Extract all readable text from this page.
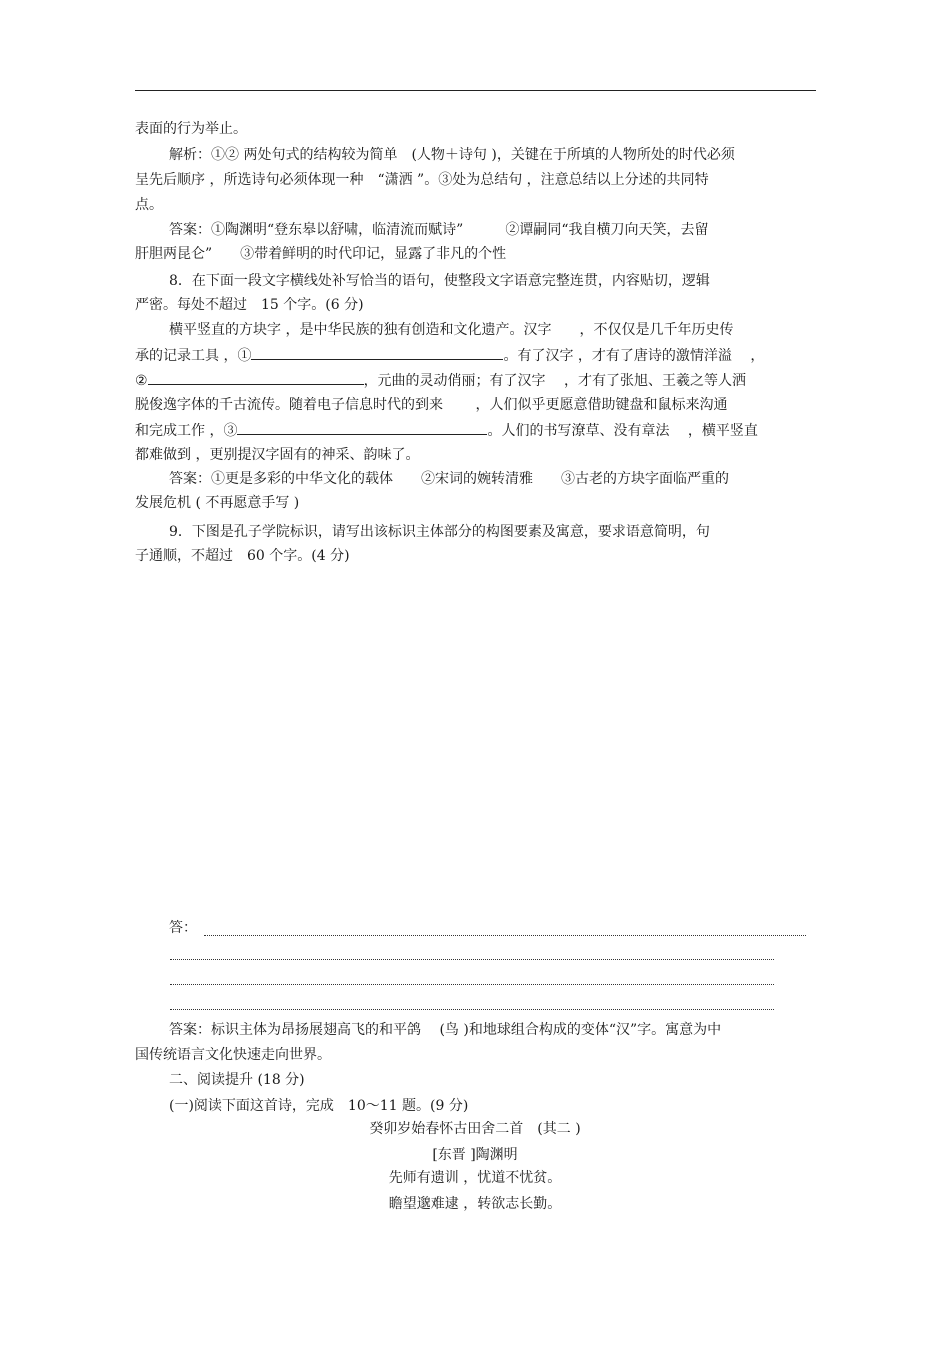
表面的行为举止。
解析：①② 两处句式的结构较为简单　(人物＋诗句 )，关键在于所填的人物所处的时代必须
呈先后顺序 ，所选诗句必须体现一种　“潇洒 ”。③处为总结句 ，注意总结以上分述的共同特
点。
答案：①陶渊明“登东皋以舒啸，临清流而赋诗”　　　②谭嗣同“我自横刀向天笑，去留
肝胆两昆仑”　　③带着鲜明的时代印记，显露了非凡的个性
8．在下面一段文字横线处补写恰当的语句，使整段文字语意完整连贯，内容贴切，逻辑
严密。每处不超过　15 个字。(6 分)
横平竖直的方块字 ，是中华民族的独有创造和文化遗产。汉字　　，不仅仅是几千年历史传
承的记录工具 ，①	。有了汉字 ，才有了唐诗的激情洋溢　 ，
②	，元曲的灵动俏丽；有了汉字　 ，才有了张旭、王羲之等人洒
脱俊逸字体的千古流传。随着电子信息时代的到来　　 ，人们似乎更愿意借助键盘和鼠标来沟通
和完成工作 ，③	。人们的书写潦草、没有章法　 ，横平竖直
都难做到 ，更别提汉字固有的神采、韵味了。
答案：①更是多彩的中华文化的载体　　②宋词的婉转清雅　　③古老的方块字面临严重的
发展危机 ( 不再愿意手写 )
9．下图是孔子学院标识，请写出该标识主体部分的构图要素及寓意，要求语意简明，句
子通顺，不超过　60 个字。(4 分)
答：
答案：标识主体为昂扬展翅高飞的和平鸽　 (鸟 )和地球组合构成的变体“汉”字。寓意为中
国传统语言文化快速走向世界。
二、阅读提升 (18 分)
(一)阅读下面这首诗，完成　10～11 题。(9 分)
癸卯岁始春怀古田舍二首　(其二 )
[东晋 ]陶渊明
先师有遗训 ，忧道不忧贫。
瞻望邈难逮 ，转欲志长勤。
